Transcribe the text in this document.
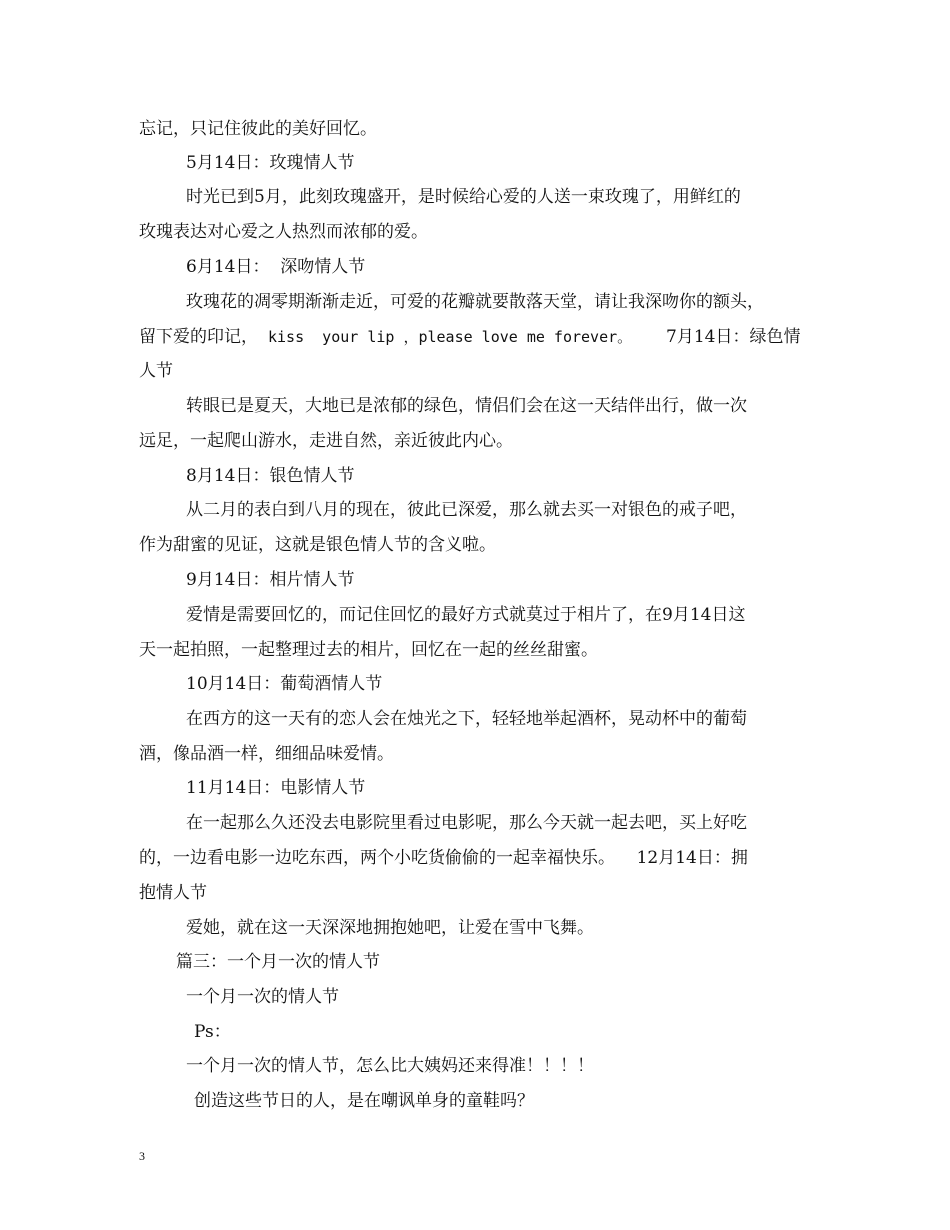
忘记，只记住彼此的美好回忆。
5月14日：玫瑰情人节
时光已到5月，此刻玫瑰盛开，是时候给心爱的人送一束玫瑰了，用鲜红的
玫瑰表达对心爱之人热烈而浓郁的爱。
6月14日：  深吻情人节
玫瑰花的凋零期渐渐走近，可爱的花瓣就要散落天堂，请让我深吻你的额头，
留下爱的印记， kiss  your lip ，please love me forever。	7月14日：绿色情
人节
转眼已是夏天，大地已是浓郁的绿色，情侣们会在这一天结伴出行，做一次
远足，一起爬山游水，走进自然，亲近彼此内心。
8月14日：银色情人节
从二月的表白到八月的现在，彼此已深爱，那么就去买一对银色的戒子吧，
作为甜蜜的见证，这就是银色情人节的含义啦。
9月14日：相片情人节
爱情是需要回忆的，而记住回忆的最好方式就莫过于相片了，在9月14日这
天一起拍照，一起整理过去的相片，回忆在一起的丝丝甜蜜。
10月14日：葡萄酒情人节
在西方的这一天有的恋人会在烛光之下，轻轻地举起酒杯，晃动杯中的葡萄
酒，像品酒一样，细细品味爱情。
11月14日：电影情人节
在一起那么久还没去电影院里看过电影呢，那么今天就一起去吧，买上好吃
的，一边看电影一边吃东西，两个小吃货偷偷的一起幸福快乐。    12月14日：拥
抱情人节
爱她，就在这一天深深地拥抱她吧，让爱在雪中飞舞。
篇三：一个月一次的情人节
一个月一次的情人节
Ps：
一个月一次的情人节，怎么比大姨妈还来得准！！！！
创造这些节日的人，是在嘲讽单身的童鞋吗？
3
